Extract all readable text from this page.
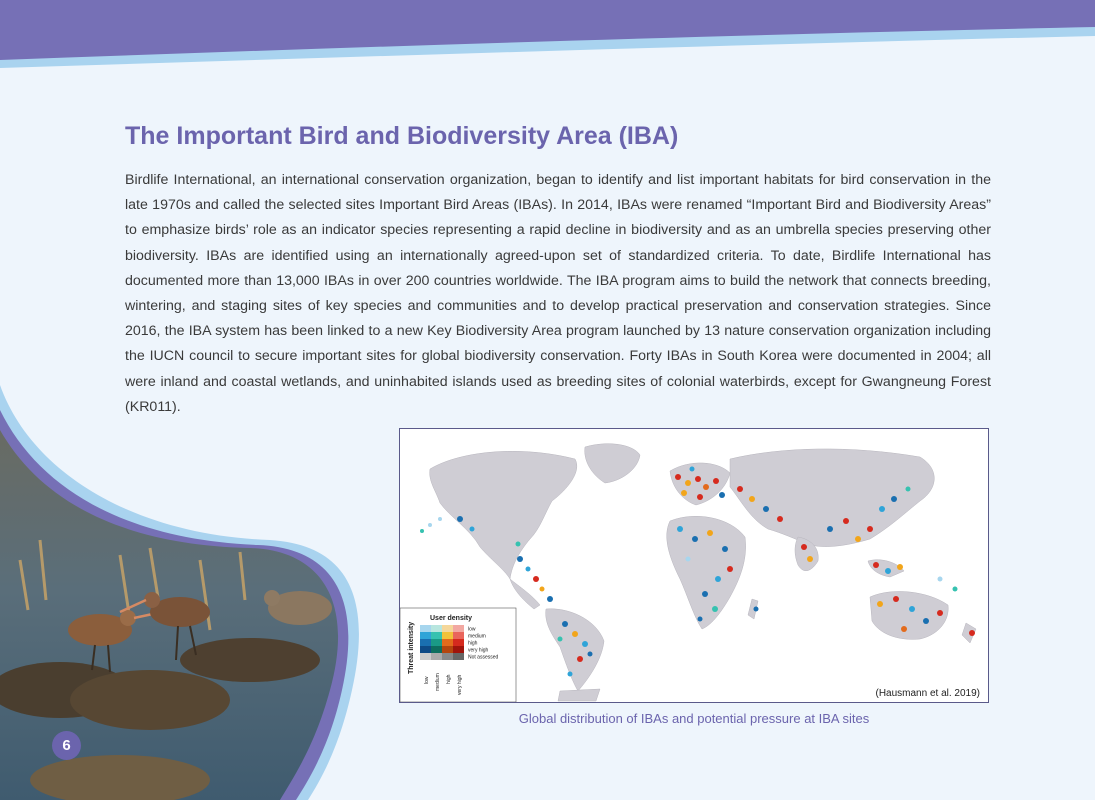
The Important Bird and Biodiversity Area (IBA)

Birdlife International, an international conservation organization, began to identify and list important habitats for bird conservation in the late 1970s and called the selected sites Important Bird Areas (IBAs). In 2014, IBAs were renamed “Important Bird and Biodiversity Areas” to emphasize birds’ role as an indicator species representing a rapid decline in biodiversity and as an umbrella species preserving other biodiversity. IBAs are identified using an internationally agreed-upon set of standardized criteria. To date, Birdlife International has documented more than 13,000 IBAs in over 200 countries worldwide. The IBA program aims to build the network that connects breeding, wintering, and staging sites of key species and communities and to develop practical preservation and conservation strategies. Since 2016, the IBA system has been linked to a new Key Biodiversity Area program launched by 13 nature conservation organization including the IUCN council to secure important sites for global biodiversity conservation. Forty IBAs in South Korea were documented in 2004; all were inland and coastal wetlands, and uninhabited islands used as breeding sites of colonial waterbirds, except for Gwangneung Forest (KR011).

User density
Threat intensity	low
medium
high
very high
Not assessed
low medium high very high	(Hausmann et al. 2019)
Global distribution of IBAs and potential pressure at IBA sites
6
